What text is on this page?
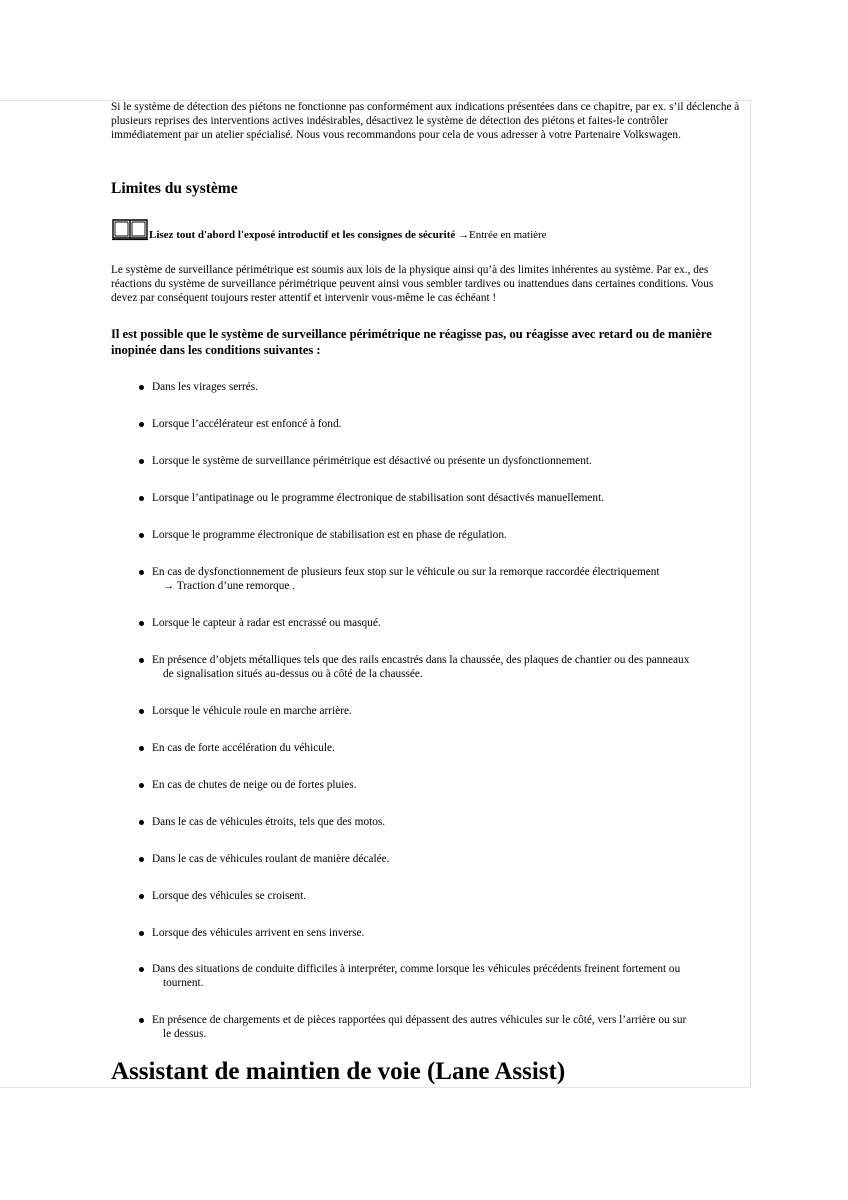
Si le système de détection des piétons ne fonctionne pas conformément aux indications présentées dans ce chapitre, par ex. s’il déclenche à plusieurs reprises des interventions actives indésirables, désactivez le système de détection des piétons et faites-le contrôler immédiatement par un atelier spécialisé. Nous vous recommandons pour cela de vous adresser à votre Partenaire Volkswagen.

Limites du système
Lisez tout d'abord l'exposé introductif et les consignes de sécurité →Entrée en matière

Le système de surveillance périmétrique est soumis aux lois de la physique ainsi qu’à des limites inhérentes au système. Par ex., des réactions du système de surveillance périmétrique peuvent ainsi vous sembler tardives ou inattendues dans certaines conditions. Vous devez par conséquent toujours rester attentif et intervenir vous-même le cas échéant !

Il est possible que le système de surveillance périmétrique ne réagisse pas, ou réagisse avec retard ou de manière inopinée dans les conditions suivantes :

Dans les virages serrés.
Lorsque l’accélérateur est enfoncé à fond.
Lorsque le système de surveillance périmétrique est désactivé ou présente un dysfonctionnement.
Lorsque l’antipatinage ou le programme électronique de stabilisation sont désactivés manuellement.
Lorsque le programme électronique de stabilisation est en phase de régulation.
En cas de dysfonctionnement de plusieurs feux stop sur le véhicule ou sur la remorque raccordée électriquement
→ Traction d’une remorque .
Lorsque le capteur à radar est encrassé ou masqué.
En présence d’objets métalliques tels que des rails encastrés dans la chaussée, des plaques de chantier ou des panneaux
de signalisation situés au-dessus ou à côté de la chaussée.
Lorsque le véhicule roule en marche arrière.
En cas de forte accélération du véhicule.
En cas de chutes de neige ou de fortes pluies.
Dans le cas de véhicules étroits, tels que des motos.
Dans le cas de véhicules roulant de manière décalée.
Lorsque des véhicules se croisent.
Lorsque des véhicules arrivent en sens inverse.
Dans des situations de conduite difficiles à interpréter, comme lorsque les véhicules précédents freinent fortement ou
tournent.
En présence de chargements et de pièces rapportées qui dépassent des autres véhicules sur le côté, vers l’arrière ou sur
le dessus.
Assistant de maintien de voie (Lane Assist)
